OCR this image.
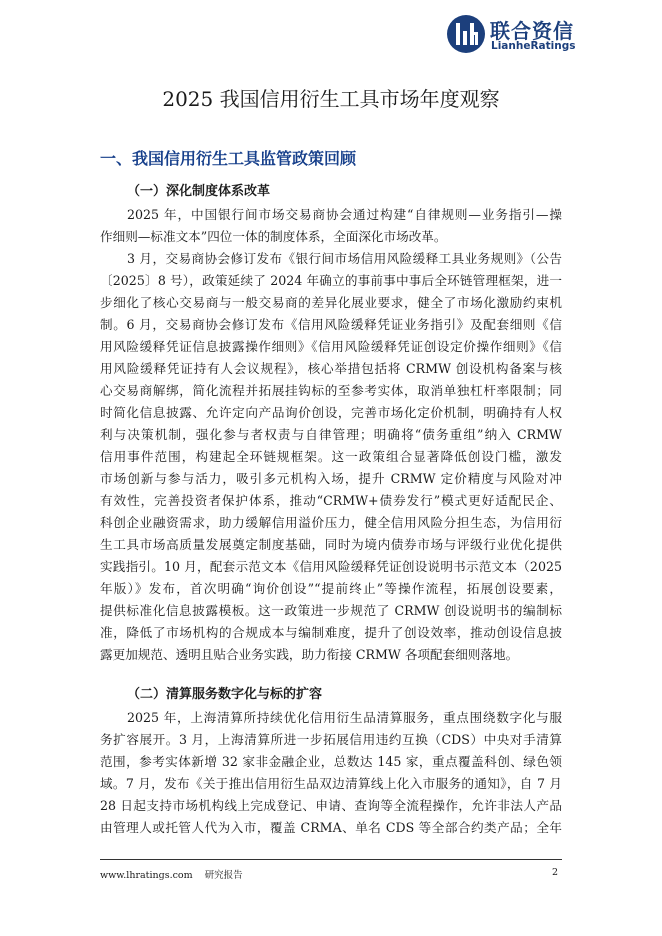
联合资信
LianheRatings
2025 我国信用衍生工具市场年度观察
一、我国信用衍生工具监管政策回顾
（一）深化制度体系改革
2025 年，中国银行间市场交易商协会通过构建“自律规则—业务指引—操
作细则—标准文本”四位一体的制度体系，全面深化市场改革。
3 月，交易商协会修订发布《银行间市场信用风险缓释工具业务规则》（公告
〔2025〕8 号），政策延续了 2024 年确立的事前事中事后全环链管理框架，进一
步细化了核心交易商与一般交易商的差异化展业要求，健全了市场化激励约束机
制。6 月，交易商协会修订发布《信用风险缓释凭证业务指引》及配套细则《信
用风险缓释凭证信息披露操作细则》《信用风险缓释凭证创设定价操作细则》《信
用风险缓释凭证持有人会议规程》，核心举措包括将 CRMW 创设机构备案与核
心交易商解绑，简化流程并拓展挂钩标的至参考实体，取消单独杠杆率限制；同
时简化信息披露、允许定向产品询价创设，完善市场化定价机制，明确持有人权
利与决策机制，强化参与者权责与自律管理；明确将“债务重组”纳入 CRMW
信用事件范围，构建起全环链规框架。这一政策组合显著降低创设门槛，激发
市场创新与参与活力，吸引多元机构入场，提升 CRMW 定价精度与风险对冲
有效性，完善投资者保护体系，推动“CRMW+债券发行”模式更好适配民企、
科创企业融资需求，助力缓解信用溢价压力，健全信用风险分担生态，为信用衍
生工具市场高质量发展奠定制度基础，同时为境内债券市场与评级行业优化提供
实践指引。10 月，配套示范文本《信用风险缓释凭证创设说明书示范文本（2025
年版）》发布，首次明确“询价创设”“提前终止”等操作流程，拓展创设要素，
提供标准化信息披露模板。这一政策进一步规范了 CRMW 创设说明书的编制标
准，降低了市场机构的合规成本与编制难度，提升了创设效率，推动创设信息披
露更加规范、透明且贴合业务实践，助力衔接 CRMW 各项配套细则落地。
（二）清算服务数字化与标的扩容
2025 年，上海清算所持续优化信用衍生品清算服务，重点围绕数字化与服
务扩容展开。3 月，上海清算所进一步拓展信用违约互换（CDS）中央对手清算
范围，参考实体新增 32 家非金融企业，总数达 145 家，重点覆盖科创、绿色领
域。7 月，发布《关于推出信用衍生品双边清算线上化入市服务的通知》，自 7 月
28 日起支持市场机构线上完成登记、申请、查询等全流程操作，允许非法人产品
由管理人或托管人代为入市，覆盖 CRMA、单名 CDS 等全部合约类产品；全年
www.lhratings.com 研究报告	2
